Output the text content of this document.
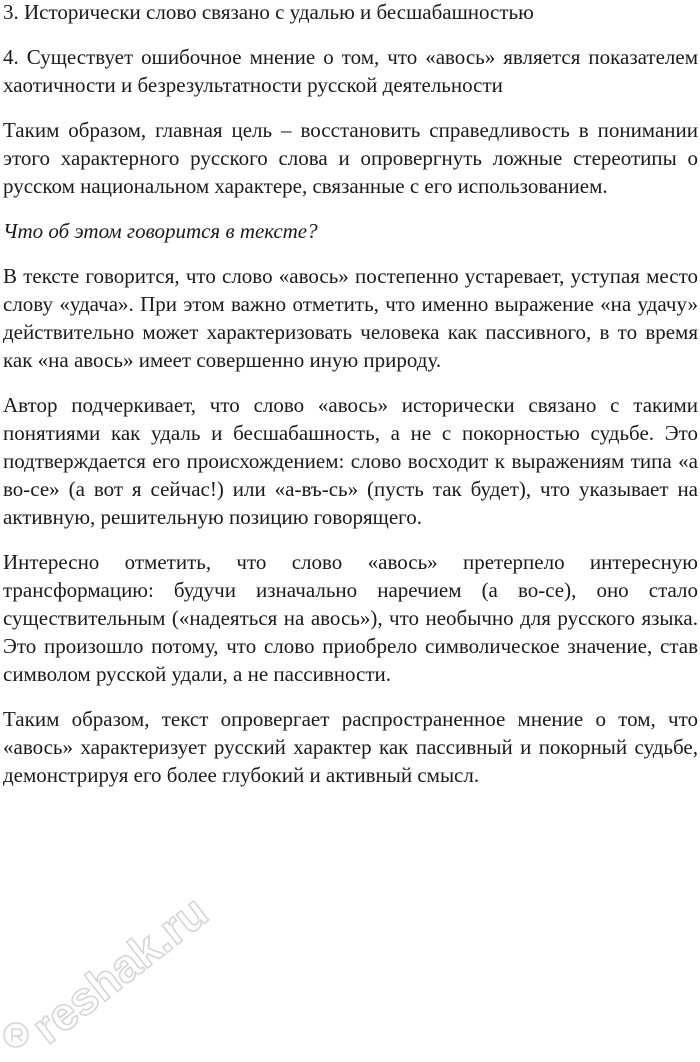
3. Исторически слово связано с удалью и бесшабашностью

4. Существует ошибочное мнение о том, что «авось» является показателем хаотичности и безрезультатности русской деятельности

Таким образом, главная цель – восстановить справедливость в понимании этого характерного русского слова и опровергнуть ложные стереотипы о русском национальном характере, связанные с его использованием.

Что об этом говорится в тексте?

В тексте говорится, что слово «авось» постепенно устаревает, уступая место слову «удача». При этом важно отметить, что именно выражение «на удачу» действительно может характеризовать человека как пассивного, в то время как «на авось» имеет совершенно иную природу.

Автор подчеркивает, что слово «авось» исторически связано с такими понятиями как удаль и бесшабашность, а не с покорностью судьбе. Это подтверждается его происхождением: слово восходит к выражениям типа «а во-се» (а вот я сейчас!) или «а-въ-сь» (пусть так будет), что указывает на активную, решительную позицию говорящего.

Интересно отметить, что слово «авось» претерпело интересную трансформацию: будучи изначально наречием (а во-се), оно стало существительным («надеяться на авось»), что необычно для русского языка. Это произошло потому, что слово приобрело символическое значение, став символом русской удали, а не пассивности.

Таким образом, текст опровергает распространенное мнение о том, что «авось» характеризует русский характер как пассивный и покорный судьбе, демонстрируя его более глубокий и активный смысл.

reshak.ru
